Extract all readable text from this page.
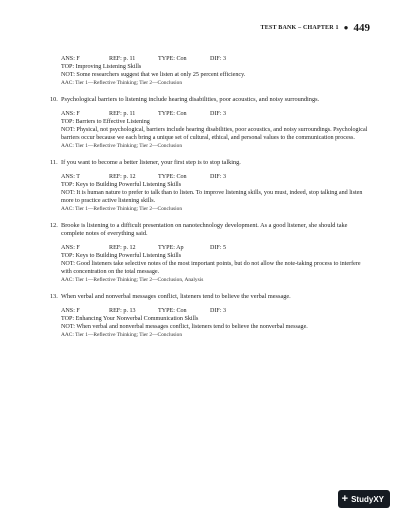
TEST BANK – CHAPTER 1 ● 449
ANS: F	REF: p. 11	TYPE: Con	DIF: 3
TOP: Improving Listening Skills
NOT: Some researchers suggest that we listen at only 25 percent efficiency.
AAC: Tier 1—Reflective Thinking; Tier 2—Conclusion
10. Psychological barriers to listening include hearing disabilities, poor acoustics, and noisy surroundings.
ANS: F	REF: p. 11	TYPE: Con	DIF: 3
TOP: Barriers to Effective Listening
NOT: Physical, not psychological, barriers include hearing disabilities, poor acoustics, and noisy surroundings. Psychological barriers occur because we each bring a unique set of cultural, ethical, and personal values to the communication process.
AAC: Tier 1—Reflective Thinking; Tier 2—Conclusion
11. If you want to become a better listener, your first step is to stop talking.
ANS: T	REF: p. 12	TYPE: Con	DIF: 3
TOP: Keys to Building Powerful Listening Skills
NOT: It is human nature to prefer to talk than to listen. To improve listening skills, you must, indeed, stop talking and listen more to practice active listening skills.
AAC: Tier 1—Reflective Thinking; Tier 2—Conclusion
12. Brooke is listening to a difficult presentation on nanotechnology development. As a good listener, she should take complete notes of everything said.
ANS: F	REF: p. 12	TYPE: Ap	DIF: 5
TOP: Keys to Building Powerful Listening Skills
NOT: Good listeners take selective notes of the most important points, but do not allow the note-taking process to interfere with concentration on the total message.
AAC: Tier 1—Reflective Thinking; Tier 2—Conclusion, Analysis
13. When verbal and nonverbal messages conflict, listeners tend to believe the verbal message.
ANS: F	REF: p. 13	TYPE: Con	DIF: 3
TOP: Enhancing Your Nonverbal Communication Skills
NOT: When verbal and nonverbal messages conflict, listeners tend to believe the nonverbal message.
AAC: Tier 1—Reflective Thinking; Tier 2—Conclusion
+ StudyXY
